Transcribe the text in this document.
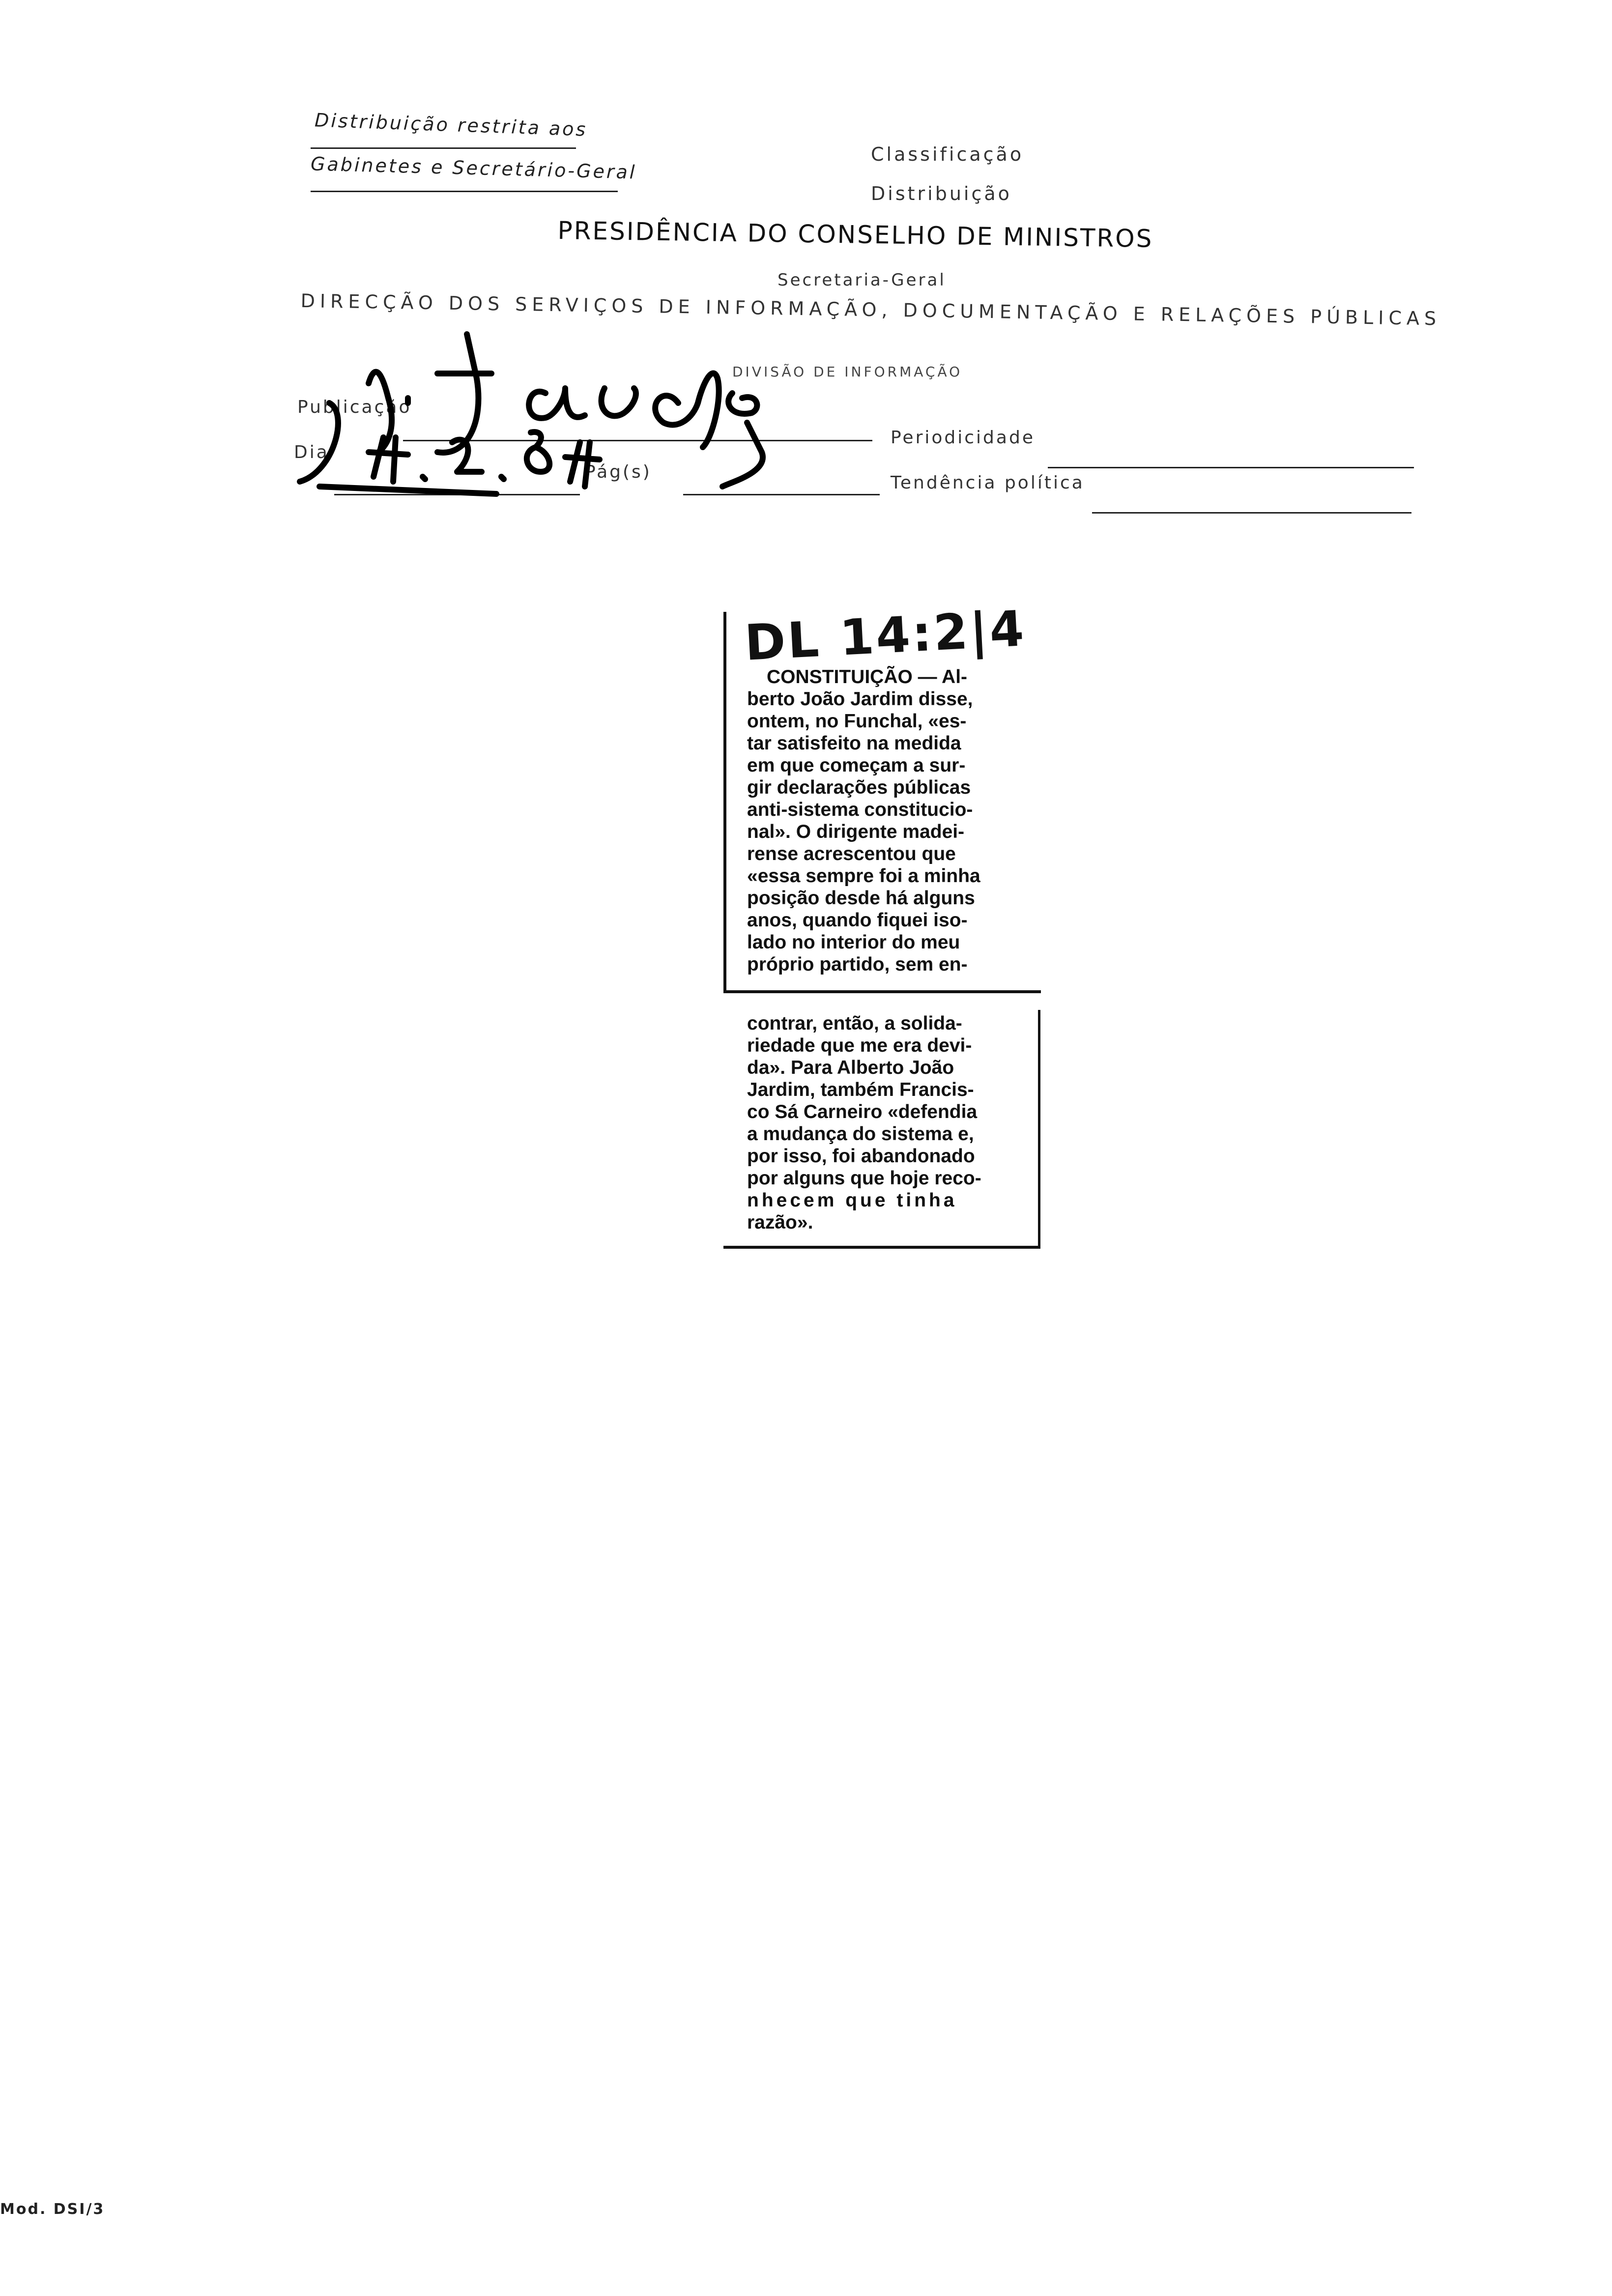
Distribuição restrita aos
Gabinetes e Secretário-Geral	Classificação
Distribuição
PRESIDÊNCIA DO CONSELHO DE MINISTROS
Secretaria-Geral
DIRECÇÃO DOS SERVIÇOS DE INFORMAÇÃO, DOCUMENTAÇÃO E RELAÇÕES PÚBLICAS
DIVISÃO DE INFORMAÇÃO
Publicação
Periodicidade
Dia
Pág(s)
Tendência política
DL 14:2|4
CONSTITUIÇÃO — Al-
berto João Jardim disse,
ontem, no Funchal, «es-
tar satisfeito na medida
em que começam a sur-
gir declarações públicas
anti-sistema constitucio-
nal». O dirigente madei-
rense acrescentou que
«essa sempre foi a minha
posição desde há alguns
anos, quando fiquei iso-
lado no interior do meu
próprio partido, sem en-
contrar, então, a solida-
riedade que me era devi-
da». Para Alberto João
Jardim, também Francis-
co Sá Carneiro «defendia
a mudança do sistema e,
por isso, foi abandonado
por alguns que hoje reco-
nhecem que tinha
razão».
Mod. DSI/3
